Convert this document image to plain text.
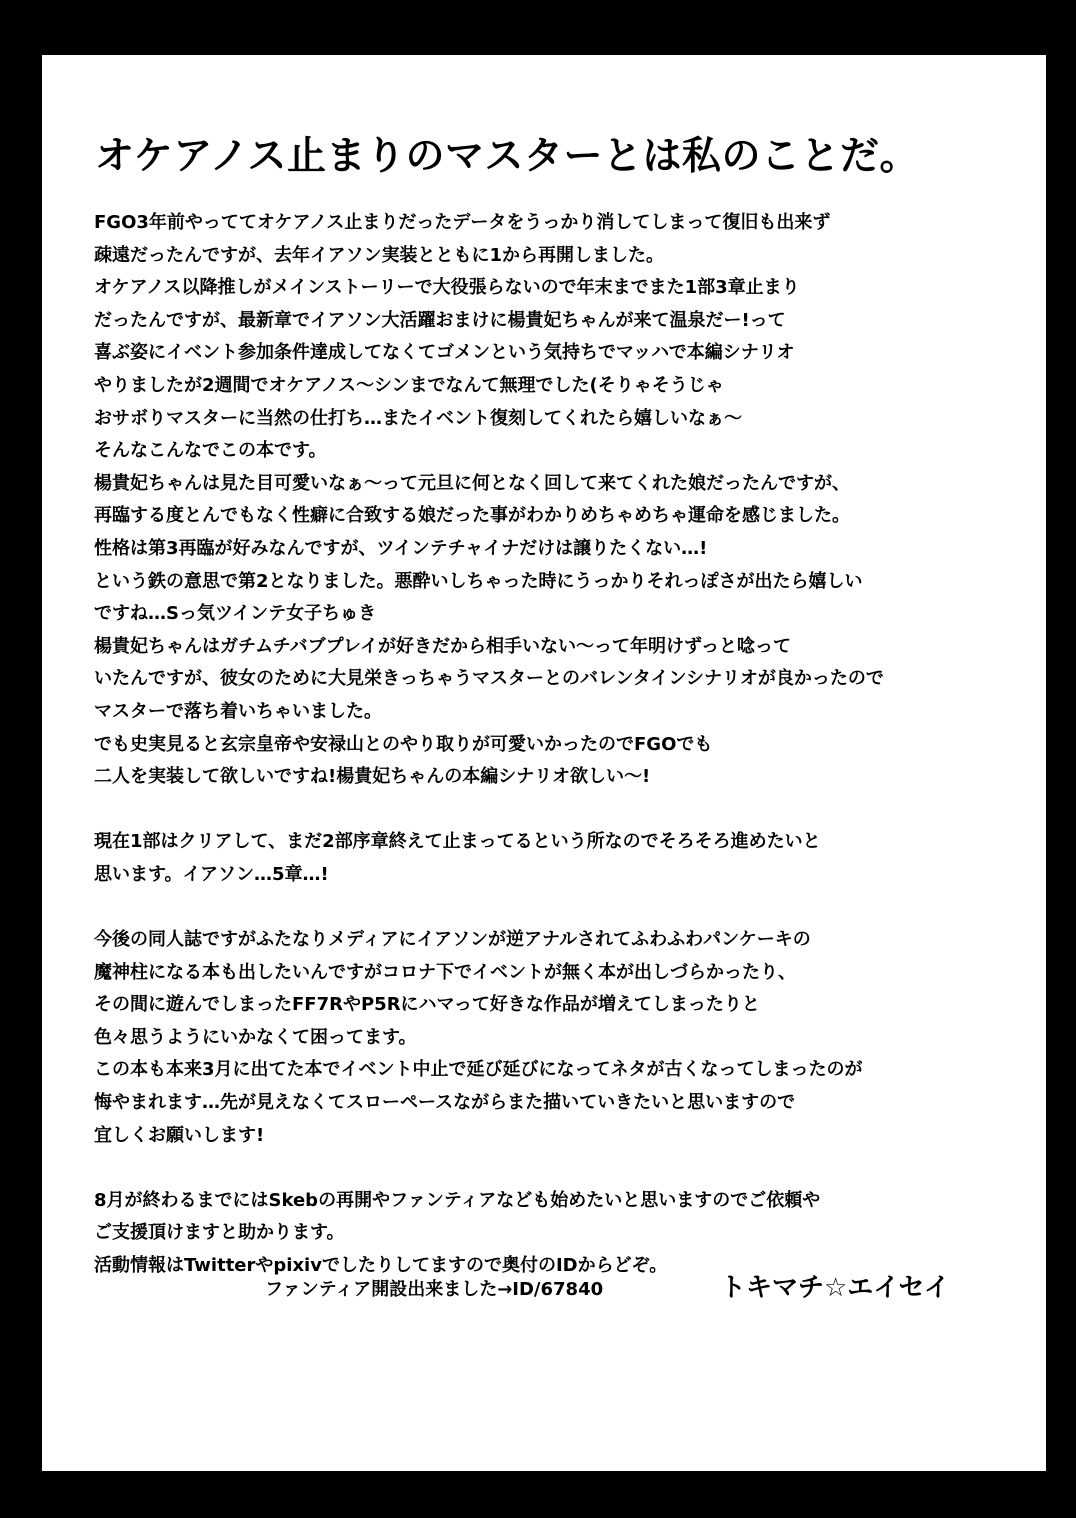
オケアノス止まりのマスターとは私のことだ。

FGO3年前やっててオケアノス止まりだったデータをうっかり消してしまって復旧も出来ず

疎遠だったんですが、去年イアソン実装とともに1から再開しました。

オケアノス以降推しがメインストーリーで大役張らないので年末までまた1部3章止まり

だったんですが、最新章でイアソン大活躍おまけに楊貴妃ちゃんが来て温泉だー!って

喜ぶ姿にイベント参加条件達成してなくてゴメンという気持ちでマッハで本編シナリオ

やりましたが2週間でオケアノス～シンまでなんて無理でした(そりゃそうじゃ

おサボりマスターに当然の仕打ち…またイベント復刻してくれたら嬉しいなぁ～

そんなこんなでこの本です。

楊貴妃ちゃんは見た目可愛いなぁ～って元旦に何となく回して来てくれた娘だったんですが、

再臨する度とんでもなく性癖に合致する娘だった事がわかりめちゃめちゃ運命を感じました。

性格は第3再臨が好みなんですが、ツインテチャイナだけは譲りたくない…!

という鉄の意思で第2となりました。悪酔いしちゃった時にうっかりそれっぽさが出たら嬉しい

ですね…Sっ気ツインテ女子ちゅき

楊貴妃ちゃんはガチムチバブプレイが好きだから相手いない～って年明けずっと唸って

いたんですが、彼女のために大見栄きっちゃうマスターとのバレンタインシナリオが良かったので

マスターで落ち着いちゃいました。

でも史実見ると玄宗皇帝や安禄山とのやり取りが可愛いかったのでFGOでも

二人を実装して欲しいですね!楊貴妃ちゃんの本編シナリオ欲しい～!

現在1部はクリアして、まだ2部序章終えて止まってるという所なのでそろそろ進めたいと

思います。イアソン…5章…!

今後の同人誌ですがふたなりメディアにイアソンが逆アナルされてふわふわパンケーキの

魔神柱になる本も出したいんですがコロナ下でイベントが無く本が出しづらかったり、

その間に遊んでしまったFF7RやP5Rにハマって好きな作品が増えてしまったりと

色々思うようにいかなくて困ってます。

この本も本来3月に出てた本でイベント中止で延び延びになってネタが古くなってしまったのが

悔やまれます…先が見えなくてスローペースながらまた描いていきたいと思いますので

宜しくお願いします!

8月が終わるまでにはSkebの再開やファンティアなども始めたいと思いますのでご依頼や

ご支援頂けますと助かります。

活動情報はTwitterやpixivでしたりしてますので奥付のIDからどぞ。

ファンティア開設出来ました→ID/67840	トキマチ☆エイセイ
